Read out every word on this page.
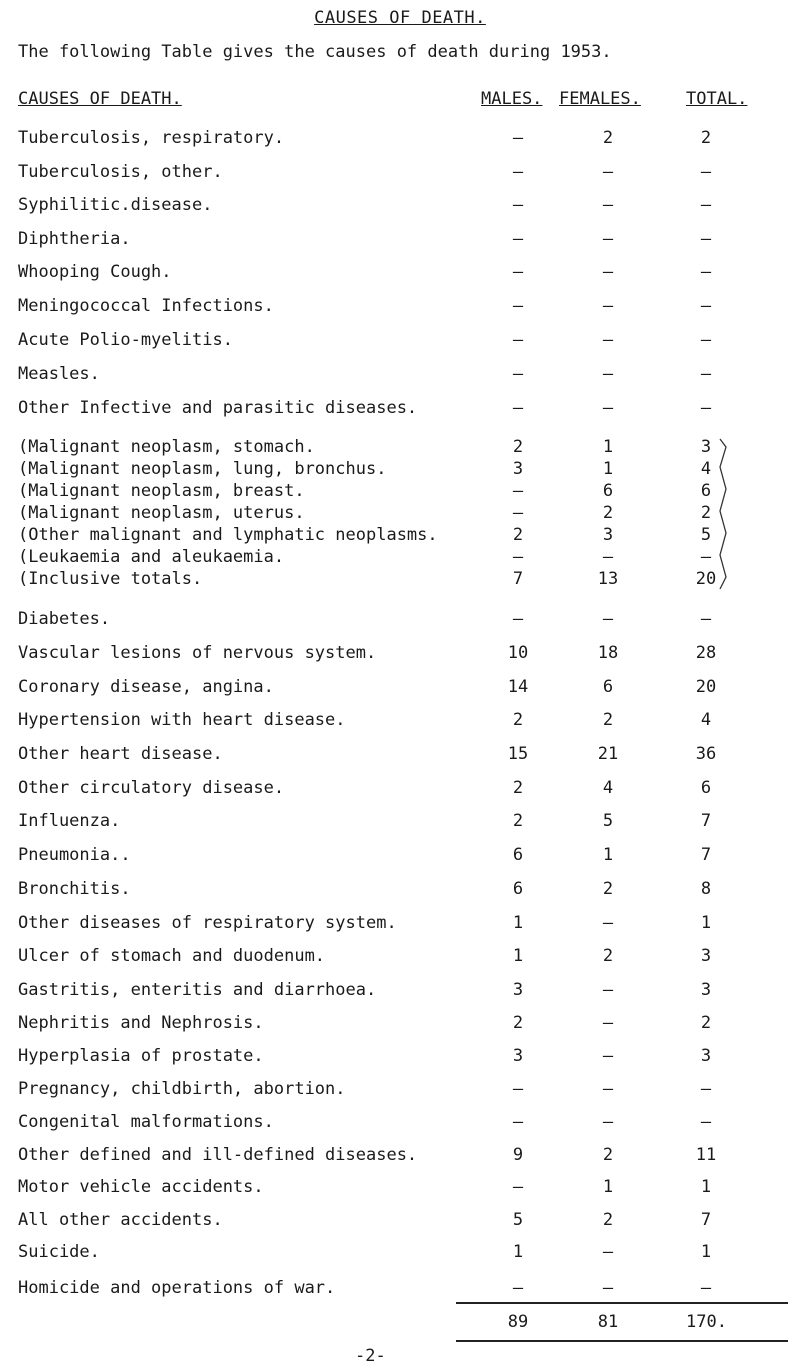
CAUSES OF DEATH.
The following Table gives the causes of death during 1953.
CAUSES OF DEATH.	MALES. FEMALES.	TOTAL.
Tuberculosis, respiratory.	—	2	2
Tuberculosis, other.	—	—	—
Syphilitic.disease.	—	—	—
Diphtheria.	—	—	—
Whooping Cough.	—	—	—
Meningococcal Infections.	—	—	—
Acute Polio-myelitis.	—	—	—
Measles.	—	—	—
Other Infective and parasitic diseases.	—	—	—
(Malignant neoplasm, stomach.	2	1	3
(Malignant neoplasm, lung, bronchus.	3	1	4
(Malignant neoplasm, breast.	—	6	6
(Malignant neoplasm, uterus.	—	2	2
(Other malignant and lymphatic neoplasms.	2	3	5
(Leukaemia and aleukaemia.	—	—	—
(Inclusive totals.	7	13	20
Diabetes.	—	—	—
Vascular lesions of nervous system.	10	18	28
Coronary disease, angina.	14	6	20
Hypertension with heart disease.	2	2	4
Other heart disease.	15	21	36
Other circulatory disease.	2	4	6
Influenza.	2	5	7
Pneumonia..	6	1	7
Bronchitis.	6	2	8
Other diseases of respiratory system.	1	—	1
Ulcer of stomach and duodenum.	1	2	3
Gastritis, enteritis and diarrhoea.	3	—	3
Nephritis and Nephrosis.	2	—	2
Hyperplasia of prostate.	3	—	3
Pregnancy, childbirth, abortion.	—	—	—
Congenital malformations.	—	—	—
Other defined and ill-defined diseases.	9	2	11
Motor vehicle accidents.	—	1	1
All other accidents.	5	2	7
Suicide.	1	—	1
Homicide and operations of war.	—	—	—
89	81	170.
-2-
